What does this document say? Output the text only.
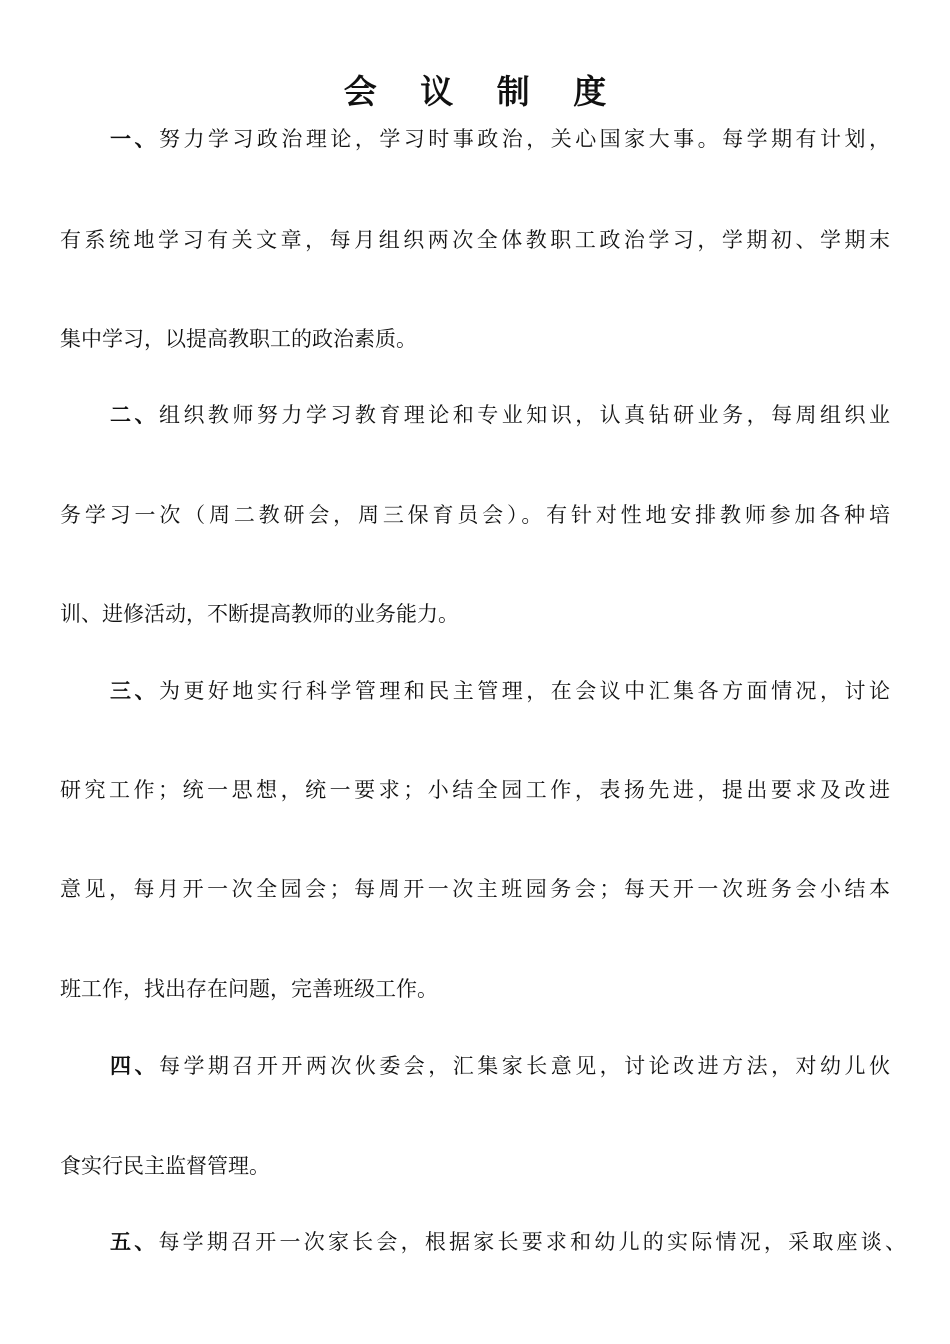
会 议 制 度

一、努力学习政治理论，学习时事政治，关心国家大事。每学期有计划，

有系统地学习有关文章，每月组织两次全体教职工政治学习，学期初、学期末

集中学习，以提高教职工的政治素质。

二、组织教师努力学习教育理论和专业知识，认真钻研业务，每周组织业

务学习一次（周二教研会，周三保育员会）。有针对性地安排教师参加各种培

训、进修活动，不断提高教师的业务能力。

三、为更好地实行科学管理和民主管理，在会议中汇集各方面情况，讨论

研究工作；统一思想，统一要求；小结全园工作，表扬先进，提出要求及改进

意见，每月开一次全园会；每周开一次主班园务会；每天开一次班务会小结本

班工作，找出存在问题，完善班级工作。

四、每学期召开开两次伙委会，汇集家长意见，讨论改进方法，对幼儿伙

食实行民主监督管理。

五、每学期召开一次家长会，根据家长要求和幼儿的实际情况，采取座谈、
